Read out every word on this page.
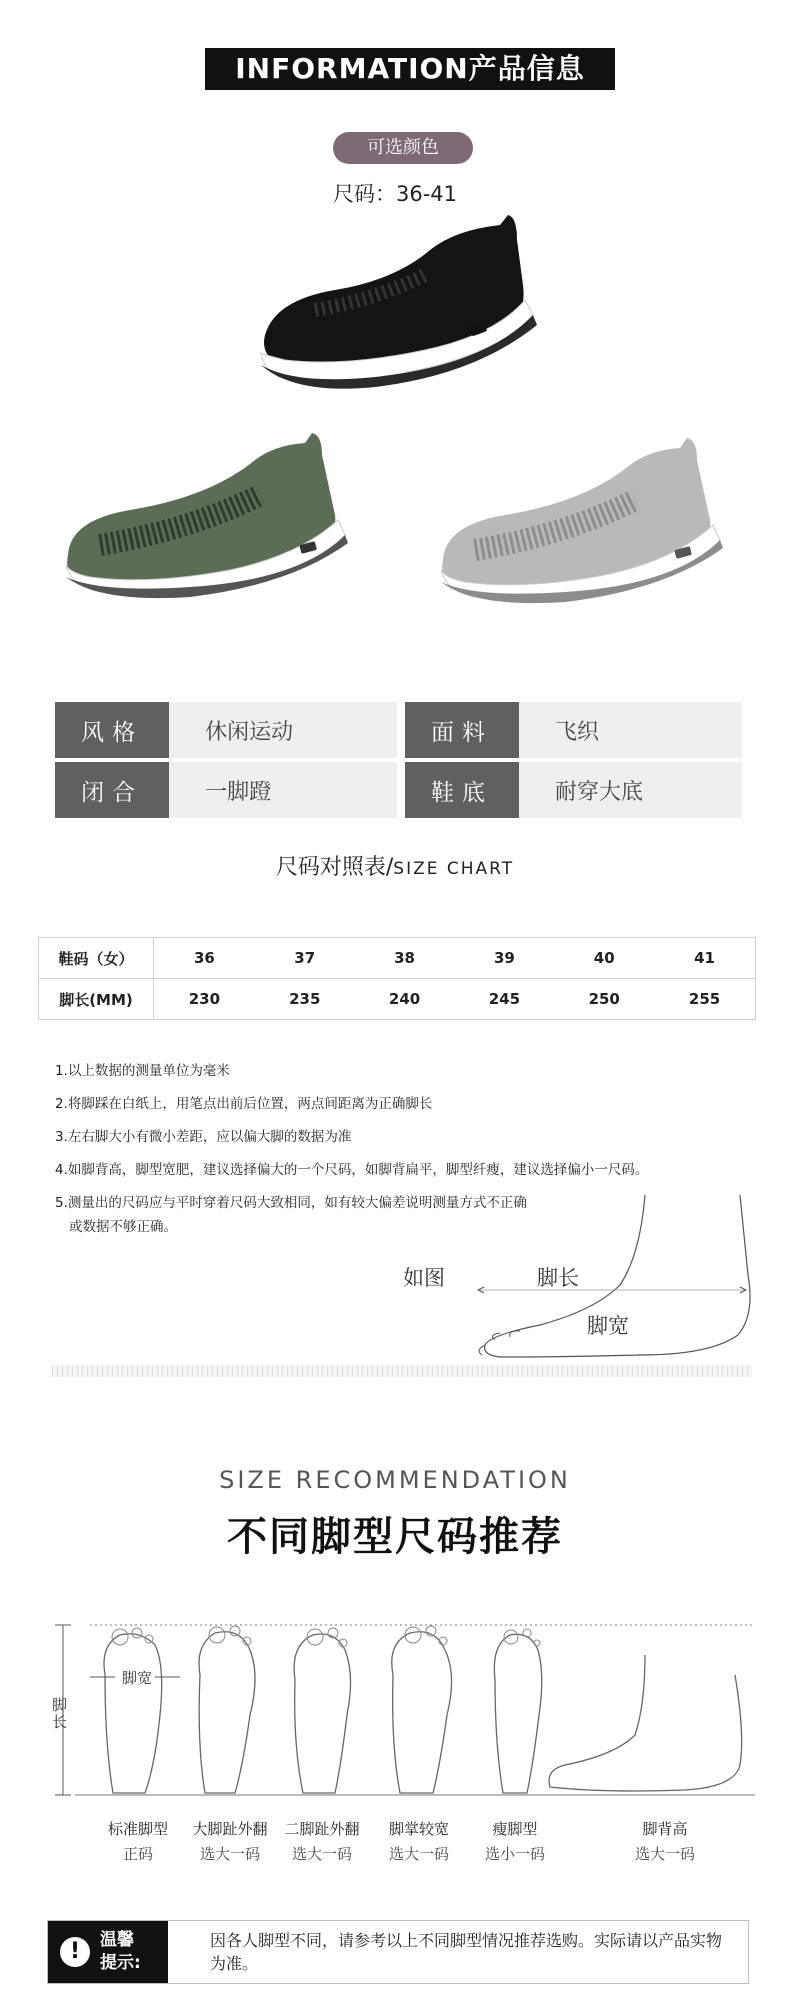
INFORMATION产品信息
可选颜色
尺码：36-41
风格	休闲运动	面料	飞织
闭合	一脚蹬	鞋底	耐穿大底
尺码对照表/SIZE CHART
鞋码（女）	36	37	38	39	40	41
脚长(MM)	230	235	240	245	250	255
1.以上数据的测量单位为毫米
2.将脚踩在白纸上，用笔点出前后位置，两点间距离为正确脚长
3.左右脚大小有微小差距，应以偏大脚的数据为准
4.如脚背高，脚型宽肥，建议选择偏大的一个尺码，如脚背扁平，脚型纤瘦，建议选择偏小一尺码。
5.测量出的尺码应与平时穿着尺码大致相同，如有较大偏差说明测量方式不正确
或数据不够正确。
如图	脚长
脚宽
SIZE RECOMMENDATION
不同脚型尺码推荐
脚宽
脚长
标准脚型
正码
大脚趾外翻
选大一码
二脚趾外翻
选大一码
脚掌较宽
选大一码
瘦脚型
选小一码
脚背高
选大一码
!	温馨
提示:
因各人脚型不同，请参考以上不同脚型情况推荐选购。实际请以产品实物为准。
